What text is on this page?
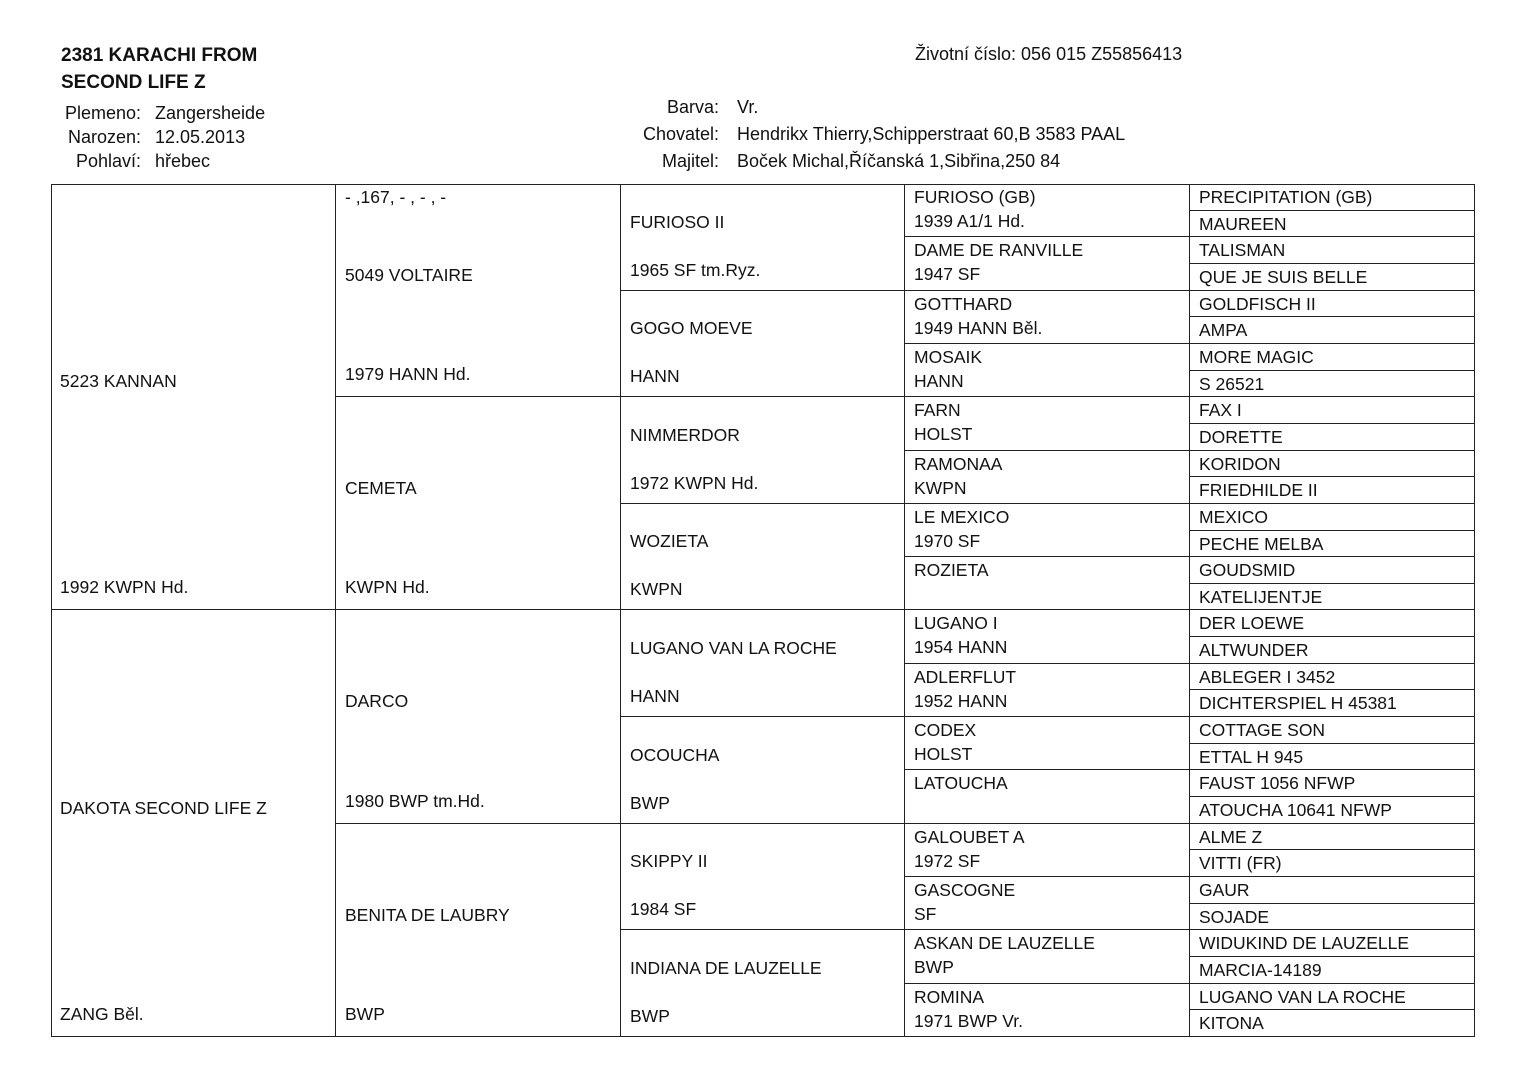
2381 KARACHI FROM
SECOND LIFE Z
Plemeno: Zangersheide
Narozen: 12.05.2013
Pohlaví: hřebec
Životní číslo: 056 015 Z55856413
Barva: Vr.
Chovatel: Hendrikx Thierry,Schipperstraat 60,B 3583 PAAL
Majitel: Boček Michal,Říčanská 1,Sibřina,250 84
5223 KANNAN
1992 KWPN Hd.
DAKOTA SECOND LIFE Z
ZANG Běl.
- ,167, - , - , -
5049 VOLTAIRE
1979 HANN Hd.
CEMETA
KWPN Hd.
DARCO
1980 BWP tm.Hd.
BENITA DE LAUBRY
BWP
FURIOSO II
1965 SF tm.Ryz.
GOGO MOEVE
HANN
NIMMERDOR
1972 KWPN Hd.
WOZIETA
KWPN
LUGANO VAN LA ROCHE
HANN
OCOUCHA
BWP
SKIPPY II
1984 SF
INDIANA DE LAUZELLE
BWP
FURIOSO (GB)
1939 A1/1 Hd.
DAME DE RANVILLE
1947 SF
GOTTHARD
1949 HANN Běl.
MOSAIK
HANN
FARN
HOLST
RAMONAA
KWPN
LE MEXICO
1970 SF
ROZIETA
LUGANO I
1954 HANN
ADLERFLUT
1952 HANN
CODEX
HOLST
LATOUCHA
GALOUBET A
1972 SF
GASCOGNE
SF
ASKAN DE LAUZELLE
BWP
ROMINA
1971 BWP Vr.
PRECIPITATION (GB)
MAUREEN
TALISMAN
QUE JE SUIS BELLE
GOLDFISCH II
AMPA
MORE MAGIC
S 26521
FAX I
DORETTE
KORIDON
FRIEDHILDE II
MEXICO
PECHE MELBA
GOUDSMID
KATELIJENTJE
DER LOEWE
ALTWUNDER
ABLEGER I 3452
DICHTERSPIEL H 45381
COTTAGE SON
ETTAL H 945
FAUST 1056 NFWP
ATOUCHA 10641 NFWP
ALME Z
VITTI (FR)
GAUR
SOJADE
WIDUKIND DE LAUZELLE
MARCIA-14189
LUGANO VAN LA ROCHE
KITONA
